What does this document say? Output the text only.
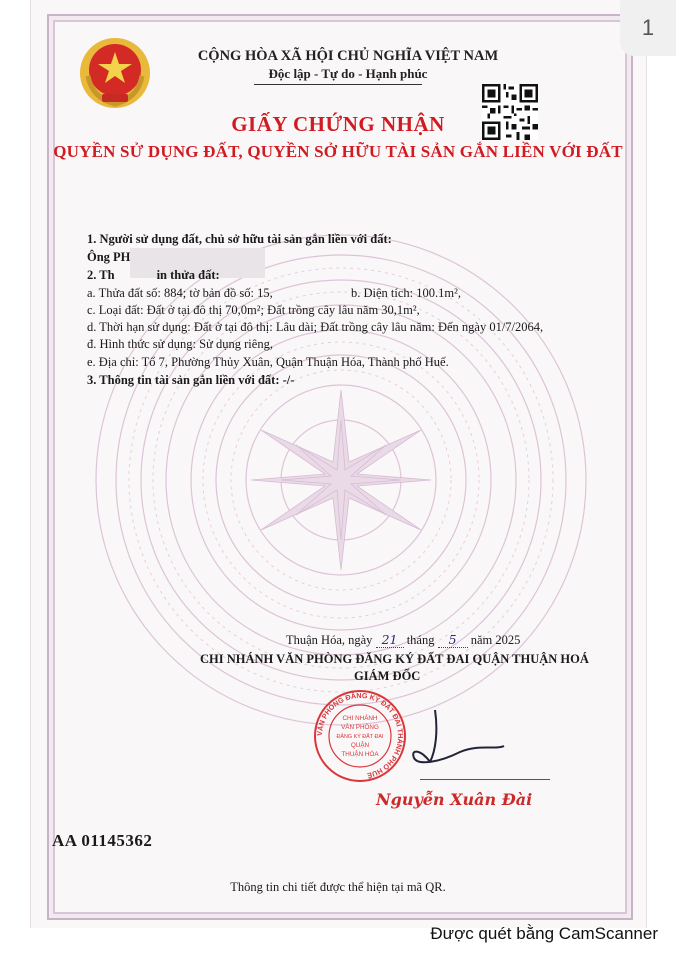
1
CỘNG HÒA XÃ HỘI CHỦ NGHĨA VIỆT NAM
Độc lập - Tự do - Hạnh phúc
GIẤY CHỨNG NHẬN
QUYỀN SỬ DỤNG ĐẤT, QUYỀN SỞ HỮU TÀI SẢN GẮN LIỀN VỚI ĐẤT
1. Người sử dụng đất, chủ sở hữu tài sản gắn liền với đất:
Ông PH
2. Th	in thửa đất:
a. Thửa đất số: 884; tờ bản đồ số: 15,	b. Diện tích: 100.1m²,
c. Loại đất: Đất ở tại đô thị 70,0m²; Đất trồng cây lâu năm 30,1m²,
d. Thời hạn sử dụng: Đất ở tại đô thị: Lâu dài; Đất trồng cây lâu năm: Đến ngày 01/7/2064,
đ. Hình thức sử dụng: Sử dụng riêng,
e. Địa chỉ: Tổ 7, Phường Thủy Xuân, Quận Thuận Hóa, Thành phố Huế.
3. Thông tin tài sản gắn liền với đất: -/-
Thuận Hóa, ngày 21 tháng 5 năm 2025
CHI NHÁNH VĂN PHÒNG ĐĂNG KÝ ĐẤT ĐAI QUẬN THUẬN HOÁ
GIÁM ĐỐC
VĂN PHÒNG ĐĂNG KÝ ĐẤT ĐAI THÀNH PHỐ HUẾ
CHI NHÁNH
VĂN PHÒNG
ĐĂNG KÝ ĐẤT ĐAI
QUẬN
THUẬN HÓA
Nguyễn Xuân Đài
AA 01145362
Thông tin chi tiết được thể hiện tại mã QR.
Được quét bằng CamScanner
